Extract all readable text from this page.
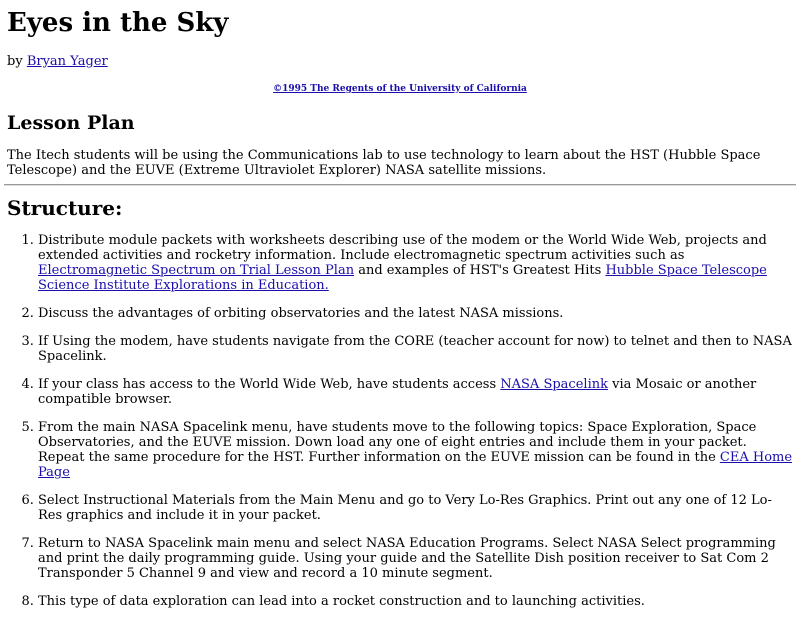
Eyes in the Sky
by Bryan Yager
©1995 The Regents of the University of California
Lesson Plan

The Itech students will be using the Communications lab to use technology to learn about the HST (Hubble Space Telescope) and the EUVE (Extreme Ultraviolet Explorer) NASA satellite missions.

Structure:
1. Distribute module packets with worksheets describing use of the modem or the World Wide Web, projects and extended activities and rocketry information. Include electromagnetic spectrum activities such as Electromagnetic Spectrum on Trial Lesson Plan and examples of HST's Greatest Hits Hubble Space Telescope Science Institute Explorations in Education.
2. Discuss the advantages of orbiting observatories and the latest NASA missions.
3. If Using the modem, have students navigate from the CORE (teacher account for now) to telnet and then to NASA Spacelink.
4. If your class has access to the World Wide Web, have students access NASA Spacelink via Mosaic or another compatible browser.
5. From the main NASA Spacelink menu, have students move to the following topics: Space Exploration, Space Observatories, and the EUVE mission. Down load any one of eight entries and include them in your packet. Repeat the same procedure for the HST. Further information on the EUVE mission can be found in the CEA Home Page
6. Select Instructional Materials from the Main Menu and go to Very Lo-Res Graphics. Print out any one of 12 Lo-Res graphics and include it in your packet.
7. Return to NASA Spacelink main menu and select NASA Education Programs. Select NASA Select programming and print the daily programming guide. Using your guide and the Satellite Dish position receiver to Sat Com 2 Transponder 5 Channel 9 and view and record a 10 minute segment.
8. This type of data exploration can lead into a rocket construction and to launching activities.
